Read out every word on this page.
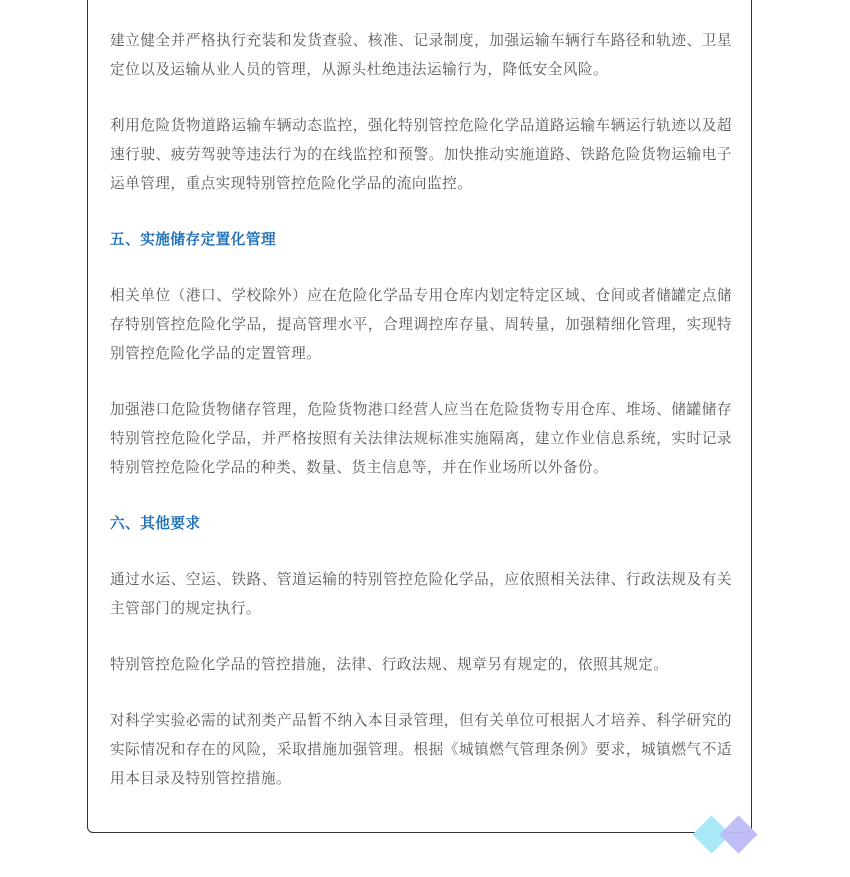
建立健全并严格执行充装和发货查验、核准、记录制度，加强运输车辆行车路径和轨迹、卫星定位以及运输从业人员的管理，从源头杜绝违法运输行为，降低安全风险。

利用危险货物道路运输车辆动态监控，强化特别管控危险化学品道路运输车辆运行轨迹以及超速行驶、疲劳驾驶等违法行为的在线监控和预警。加快推动实施道路、铁路危险货物运输电子运单管理，重点实现特别管控危险化学品的流向监控。

五、实施储存定置化管理

相关单位（港口、学校除外）应在危险化学品专用仓库内划定特定区域、仓间或者储罐定点储存特别管控危险化学品，提高管理水平，合理调控库存量、周转量，加强精细化管理，实现特别管控危险化学品的定置管理。

加强港口危险货物储存管理，危险货物港口经营人应当在危险货物专用仓库、堆场、储罐储存特别管控危险化学品，并严格按照有关法律法规标准实施隔离，建立作业信息系统，实时记录特别管控危险化学品的种类、数量、货主信息等，并在作业场所以外备份。

六、其他要求

通过水运、空运、铁路、管道运输的特别管控危险化学品，应依照相关法律、行政法规及有关主管部门的规定执行。

特别管控危险化学品的管控措施，法律、行政法规、规章另有规定的，依照其规定。

对科学实验必需的试剂类产品暂不纳入本目录管理，但有关单位可根据人才培养、科学研究的实际情况和存在的风险，采取措施加强管理。根据《城镇燃气管理条例》要求，城镇燃气不适用本目录及特别管控措施。
